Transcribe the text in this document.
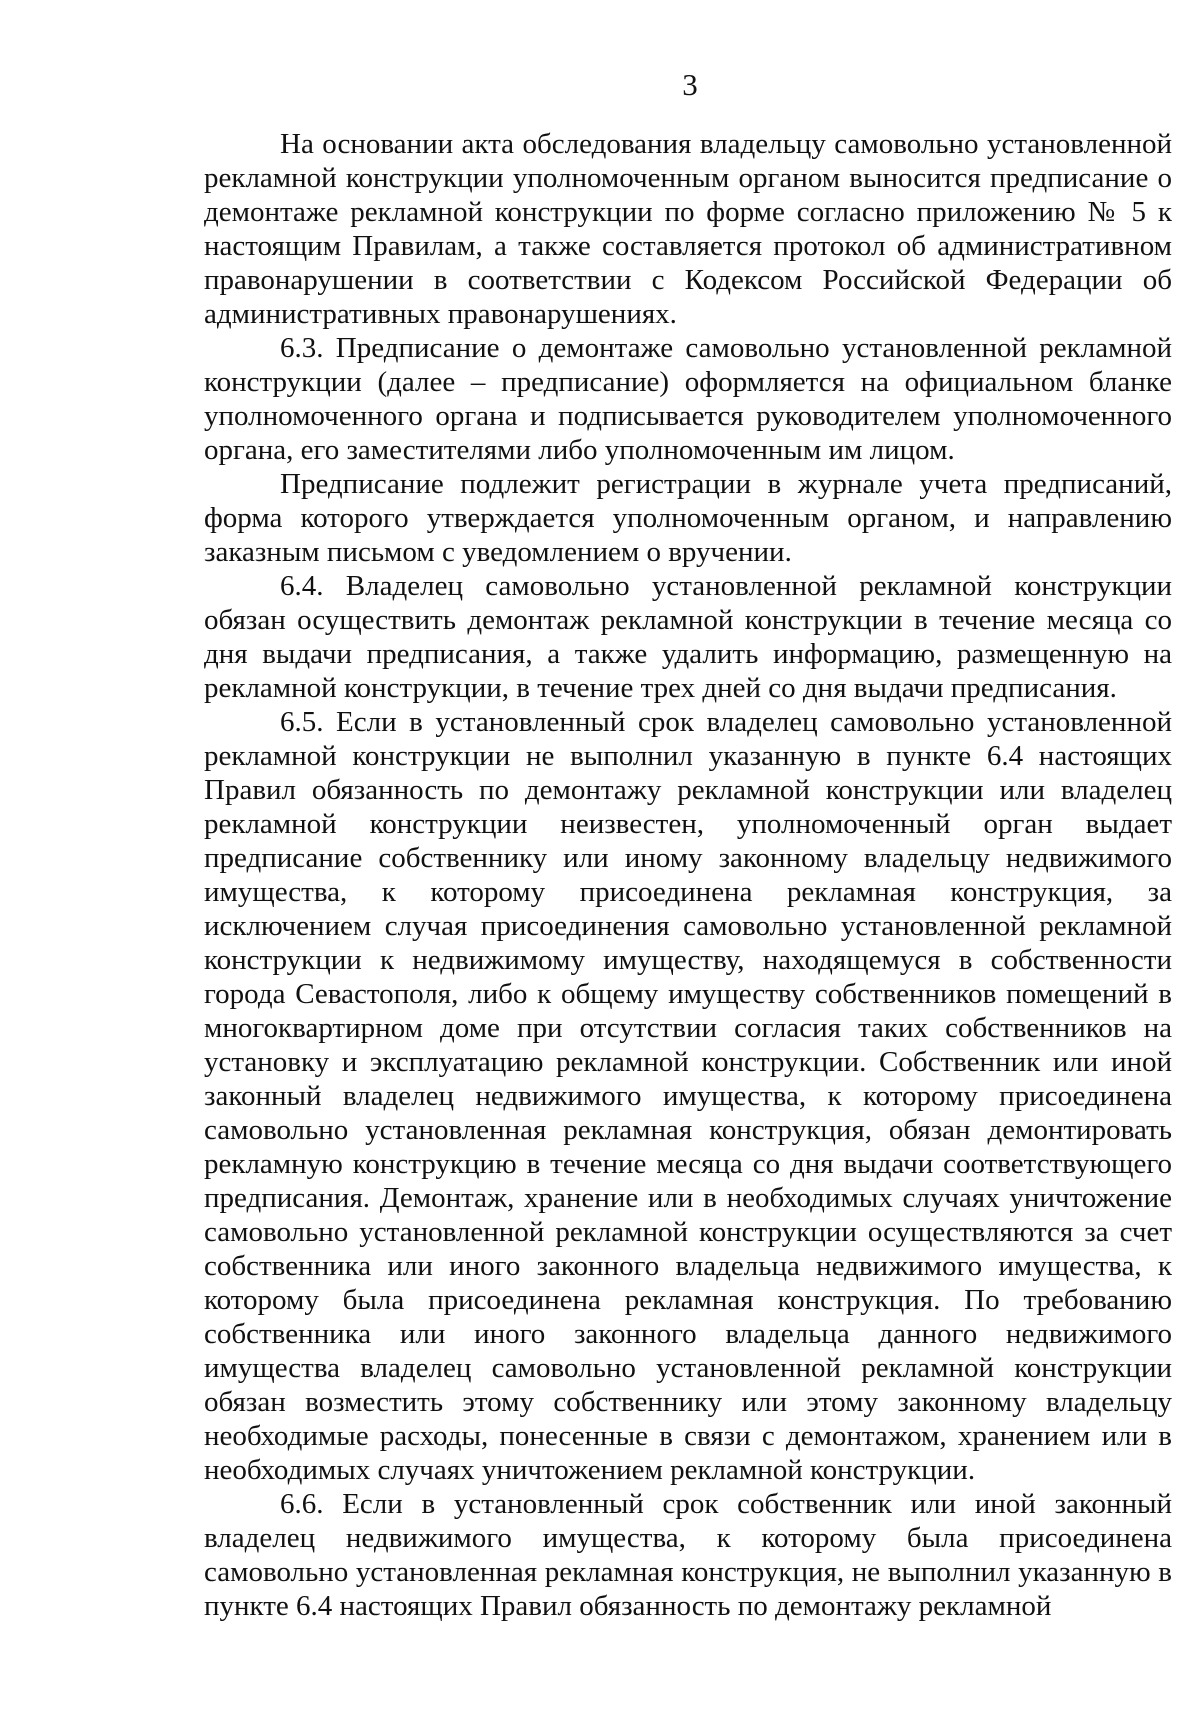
3

На основании акта обследования владельцу самовольно установленной рекламной конструкции уполномоченным органом выносится предписание о демонтаже рекламной конструкции по форме согласно приложению № 5 к настоящим Правилам, а также составляется протокол об административном правонарушении в соответствии с Кодексом Российской Федерации об административных правонарушениях.

6.3. Предписание о демонтаже самовольно установленной рекламной конструкции (далее – предписание) оформляется на официальном бланке уполномоченного органа и подписывается руководителем уполномоченного органа, его заместителями либо уполномоченным им лицом.

Предписание подлежит регистрации в журнале учета предписаний, форма которого утверждается уполномоченным органом, и направлению заказным письмом с уведомлением о вручении.

6.4. Владелец самовольно установленной рекламной конструкции обязан осуществить демонтаж рекламной конструкции в течение месяца со дня выдачи предписания, а также удалить информацию, размещенную на рекламной конструкции, в течение трех дней со дня выдачи предписания.

6.5. Если в установленный срок владелец самовольно установленной рекламной конструкции не выполнил указанную в пункте 6.4 настоящих Правил обязанность по демонтажу рекламной конструкции или владелец рекламной конструкции неизвестен, уполномоченный орган выдает предписание собственнику или иному законному владельцу недвижимого имущества, к которому присоединена рекламная конструкция, за исключением случая присоединения самовольно установленной рекламной конструкции к недвижимому имуществу, находящемуся в собственности города Севастополя, либо к общему имуществу собственников помещений в многоквартирном доме при отсутствии согласия таких собственников на установку и эксплуатацию рекламной конструкции. Собственник или иной законный владелец недвижимого имущества, к которому присоединена самовольно установленная рекламная конструкция, обязан демонтировать рекламную конструкцию в течение месяца со дня выдачи соответствующего предписания. Демонтаж, хранение или в необходимых случаях уничтожение самовольно установленной рекламной конструкции осуществляются за счет собственника или иного законного владельца недвижимого имущества, к которому была присоединена рекламная конструкция. По требованию собственника или иного законного владельца данного недвижимого имущества владелец самовольно установленной рекламной конструкции обязан возместить этому собственнику или этому законному владельцу необходимые расходы, понесенные в связи с демонтажом, хранением или в необходимых случаях уничтожением рекламной конструкции.

6.6. Если в установленный срок собственник или иной законный владелец недвижимого имущества, к которому была присоединена самовольно установленная рекламная конструкция, не выполнил указанную в пункте 6.4 настоящих Правил обязанность по демонтажу рекламной
